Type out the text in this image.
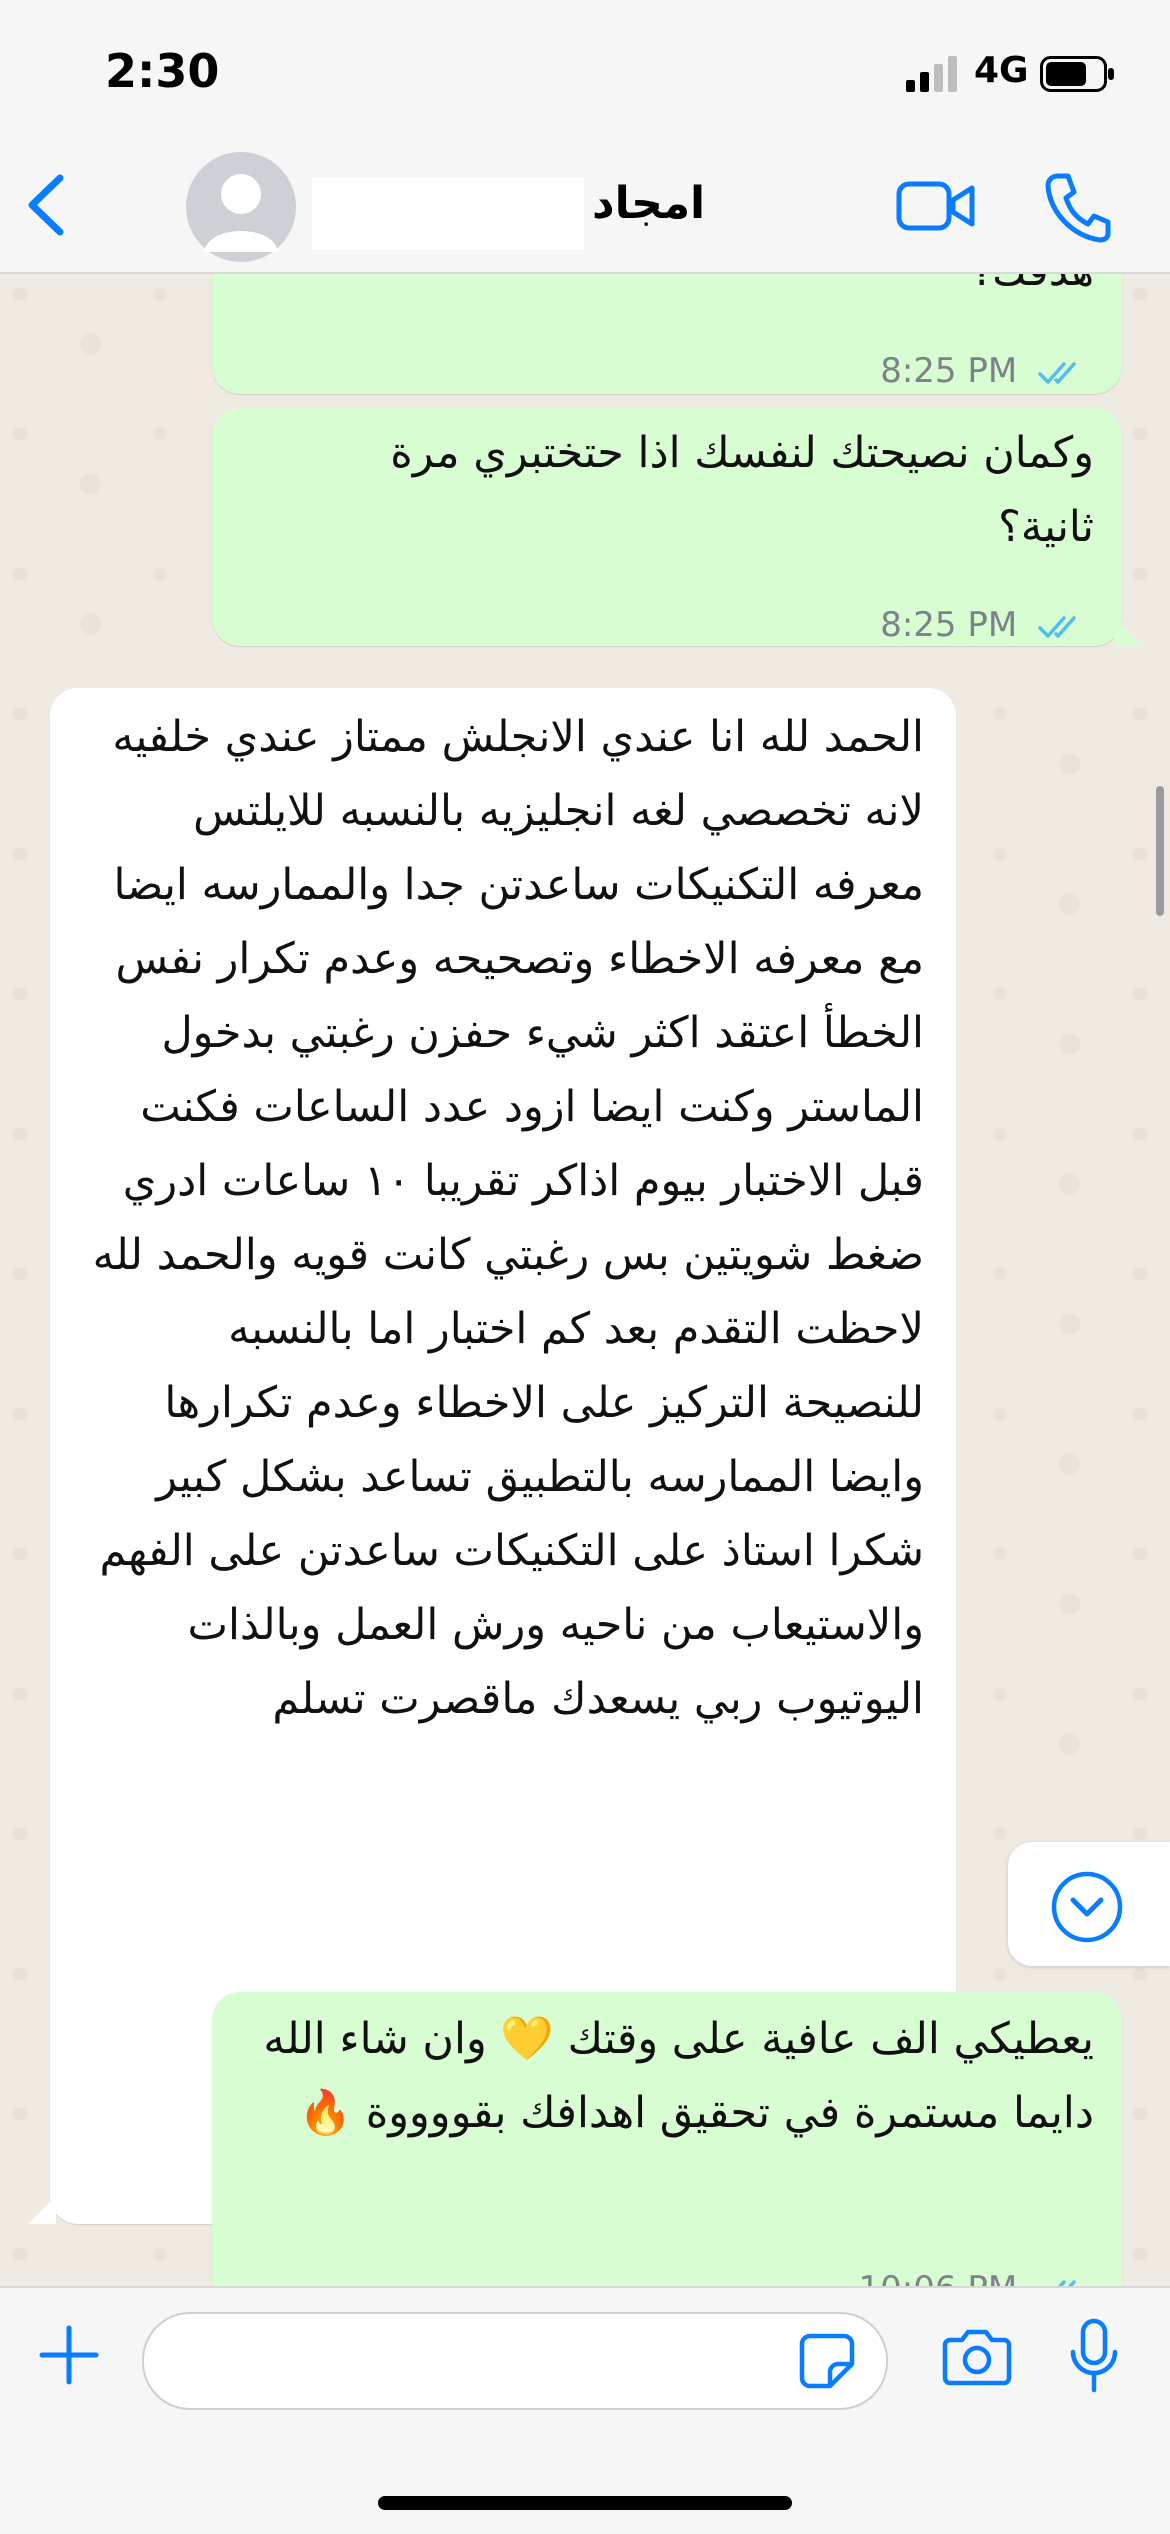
2:30	4G
امجاد
8:25 PM
وكمان نصيحتك لنفسك اذا حتختبري مرة ثانية؟
8:25 PM
الحمد لله انا عندي الانجلش ممتاز عندي خلفيه لانه تخصصي لغه انجليزيه بالنسبه للايلتس معرفه التكنيكات ساعدتن جدا والممارسه ايضا مع معرفه الاخطاء وتصحيحه وعدم تكرار نفس الخطأ اعتقد اكثر شيء حفزن رغبتي بدخول الماستر وكنت ايضا ازود عدد الساعات فكنت قبل الاختبار بيوم اذاكر تقريبا ١٠ ساعات ادري ضغط شويتين بس رغبتي كانت قويه والحمد لله لاحظت التقدم بعد كم اختبار اما بالنسبه للنصيحة التركيز على الاخطاء وعدم تكرارها وايضا الممارسه بالتطبيق تساعد بشكل كبير شكرا استاذ على التكنيكات ساعدتن على الفهم والاستيعاب من ناحيه ورش العمل وبالذات اليوتيوب ربي يسعدك ماقصرت تسلم
يعطيكي الف عافية على وقتك 💛 وان شاء الله دايما مستمرة في تحقيق اهدافك بقووووة 🔥
